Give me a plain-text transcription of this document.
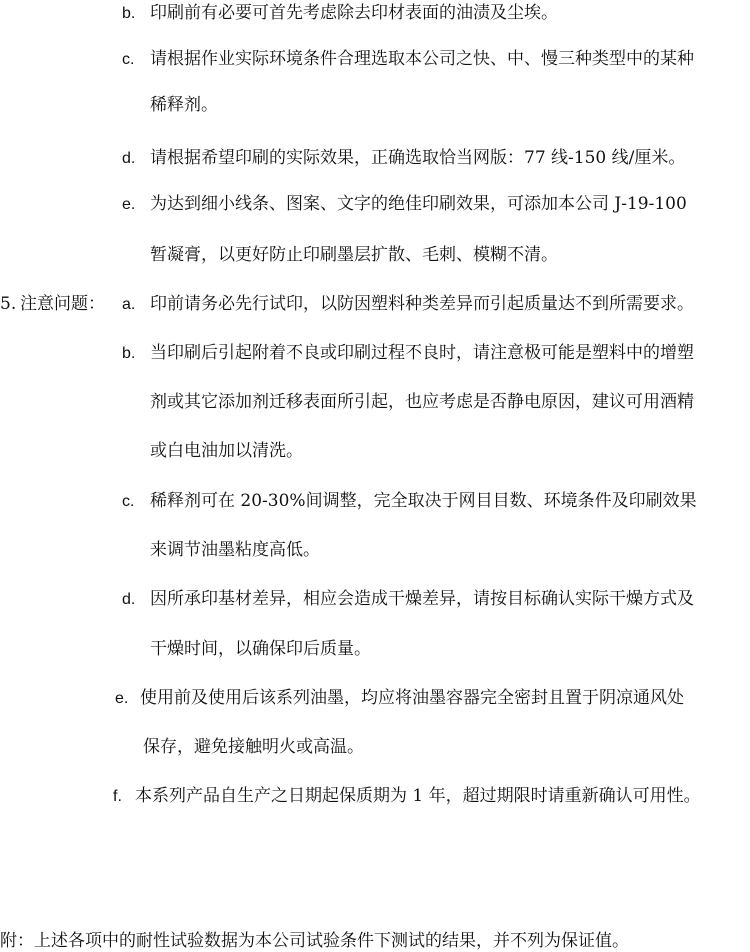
b. 印刷前有必要可首先考虑除去印材表面的油渍及尘埃。
c. 请根据作业实际环境条件合理选取本公司之快、中、慢三种类型中的某种
稀释剂。
d. 请根据希望印刷的实际效果，正确选取恰当网版：77 线-150 线/厘米。
e. 为达到细小线条、图案、文字的绝佳印刷效果，可添加本公司 J-19-100
暂凝膏，以更好防止印刷墨层扩散、毛刺、模糊不清。
5. 注意问题： a. 印前请务必先行试印，以防因塑料种类差异而引起质量达不到所需要求。
b. 当印刷后引起附着不良或印刷过程不良时，请注意极可能是塑料中的增塑
剂或其它添加剂迁移表面所引起，也应考虑是否静电原因，建议可用酒精
或白电油加以清洗。
c. 稀释剂可在 20-30%间调整，完全取决于网目目数、环境条件及印刷效果
来调节油墨粘度高低。
d. 因所承印基材差异，相应会造成干燥差异，请按目标确认实际干燥方式及
干燥时间，以确保印后质量。
e. 使用前及使用后该系列油墨，均应将油墨容器完全密封且置于阴凉通风处
保存，避免接触明火或高温。
f. 本系列产品自生产之日期起保质期为 1 年，超过期限时请重新确认可用性。
附：上述各项中的耐性试验数据为本公司试验条件下测试的结果，并不列为保证值。
